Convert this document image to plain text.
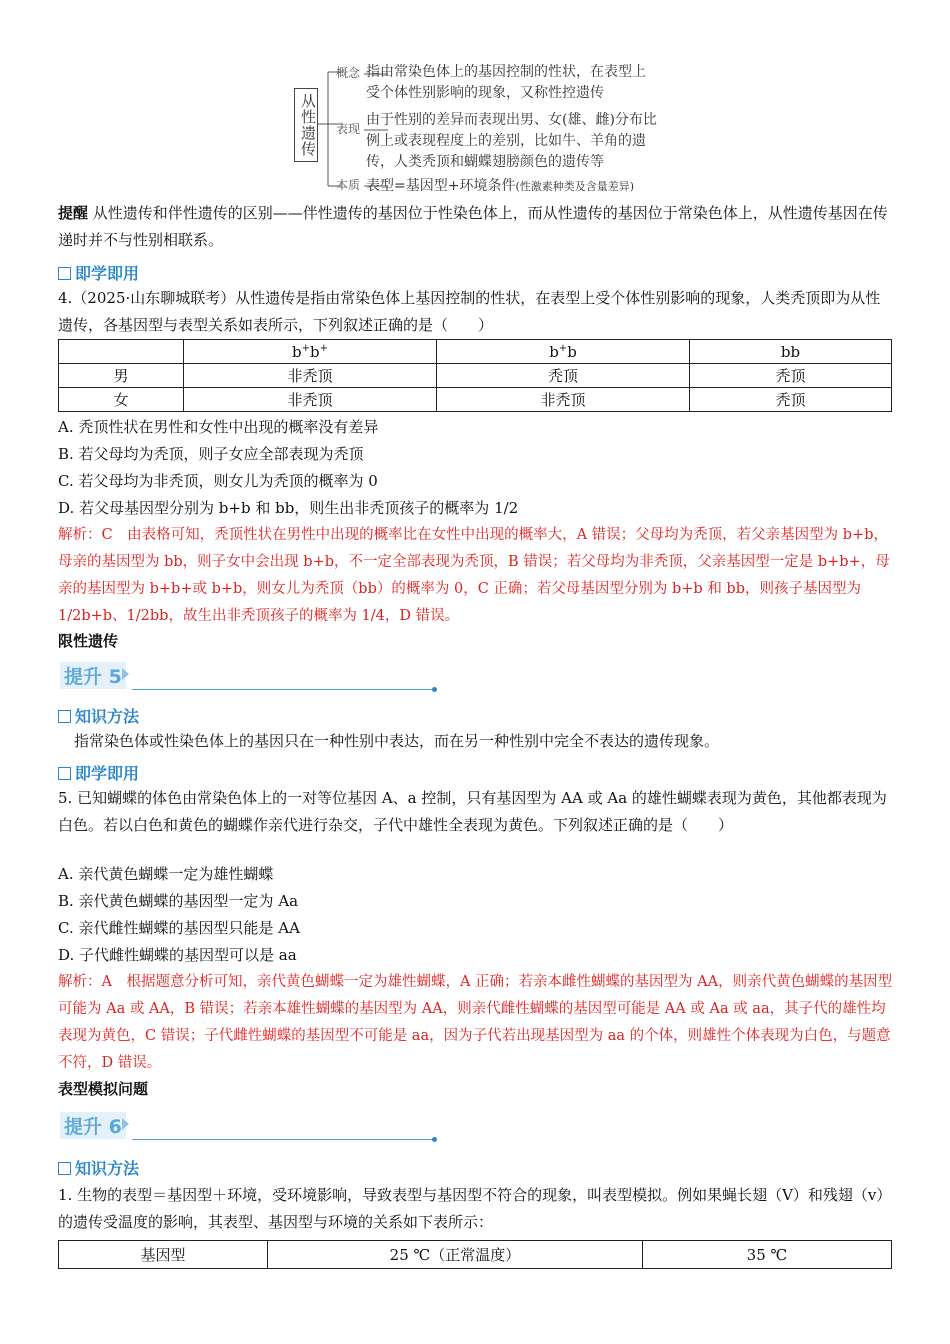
从性遗传
概念
表现
本质
指由常染色体上的基因控制的性状，在表型上受个体性别影响的现象，又称性控遗传
由于性别的差异而表现出男、女(雄、雌)分布比例上或表现程度上的差别，比如牛、羊角的遗传，人类秃顶和蝴蝶翅膀颜色的遗传等
表型=基因型+环境条件(性激素种类及含量差异)
提醒 从性遗传和伴性遗传的区别——伴性遗传的基因位于性染色体上，而从性遗传的基因位于常染色体上，从性遗传基因在传递时并不与性别相联系。
即学即用
4.（2025·山东聊城联考）从性遗传是指由常染色体上基因控制的性状，在表型上受个体性别影响的现象，人类秃顶即为从性遗传，各基因型与表型关系如表所示，下列叙述正确的是（　　）
	b+b+	b+b	bb
男	非秃顶	秃顶	秃顶
女	非秃顶	非秃顶	秃顶
A. 秃顶性状在男性和女性中出现的概率没有差异
B. 若父母均为秃顶，则子女应全部表现为秃顶
C. 若父母均为非秃顶，则女儿为秃顶的概率为 0
D. 若父母基因型分别为 b+b 和 bb，则生出非秃顶孩子的概率为 1/2
解析：C　由表格可知，秃顶性状在男性中出现的概率比在女性中出现的概率大，A 错误；父母均为秃顶，若父亲基因型为 b+b，母亲的基因型为 bb，则子女中会出现 b+b，不一定全部表现为秃顶，B 错误；若父母均为非秃顶，父亲基因型一定是 b+b+，母亲的基因型为 b+b+或 b+b，则女儿为秃顶（bb）的概率为 0，C 正确；若父母基因型分别为 b+b 和 bb，则孩子基因型为 1/2b+b、1/2bb，故生出非秃顶孩子的概率为 1/4，D 错误。
限性遗传
提升 5
知识方法
指常染色体或性染色体上的基因只在一种性别中表达，而在另一种性别中完全不表达的遗传现象。
即学即用
5. 已知蝴蝶的体色由常染色体上的一对等位基因 A、a 控制，只有基因型为 AA 或 Aa 的雄性蝴蝶表现为黄色，其他都表现为白色。若以白色和黄色的蝴蝶作亲代进行杂交，子代中雄性全表现为黄色。下列叙述正确的是（　　）
A. 亲代黄色蝴蝶一定为雄性蝴蝶
B. 亲代黄色蝴蝶的基因型一定为 Aa
C. 亲代雌性蝴蝶的基因型只能是 AA
D. 子代雌性蝴蝶的基因型可以是 aa
解析：A　根据题意分析可知，亲代黄色蝴蝶一定为雄性蝴蝶，A 正确；若亲本雌性蝴蝶的基因型为 AA，则亲代黄色蝴蝶的基因型可能为 Aa 或 AA，B 错误；若亲本雄性蝴蝶的基因型为 AA，则亲代雌性蝴蝶的基因型可能是 AA 或 Aa 或 aa，其子代的雄性均表现为黄色，C 错误；子代雌性蝴蝶的基因型不可能是 aa，因为子代若出现基因型为 aa 的个体，则雄性个体表现为白色，与题意不符，D 错误。
表型模拟问题
提升 6
知识方法
1. 生物的表型＝基因型＋环境，受环境影响，导致表型与基因型不符合的现象，叫表型模拟。例如果蝇长翅（V）和残翅（v）的遗传受温度的影响，其表型、基因型与环境的关系如下表所示：
基因型	25 ℃（正常温度）	35 ℃
